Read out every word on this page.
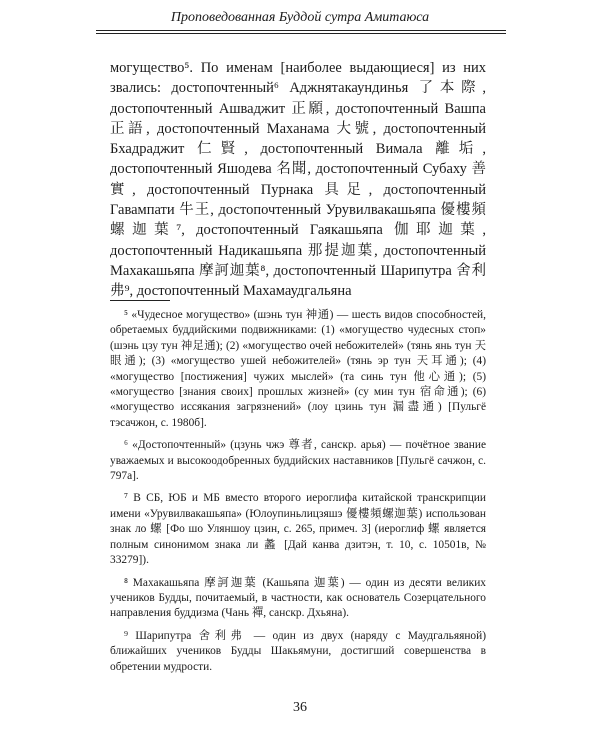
Проповедованная Буддой сутра Амитаюса

могущество⁵. По именам [наиболее выдающиеся] из них звались: достопочтенный⁶ Аджнятакаундинья 了本際, достопочтенный Ашваджит 正願, достопочтенный Вашпа 正語, достопочтенный Маханама 大號, достопочтенный Бхадраджит 仁賢, достопочтенный Вимала 離垢, достопочтенный Яшодева 名聞, достопочтенный Субаху 善實, достопочтенный Пурнака 具足, достопочтенный Гавампати 牛王, достопочтенный Урувилвакашьяпа 優樓頻螺迦葉⁷, достопочтенный Гаякашьяпа 伽耶迦葉, достопочтенный Надикашьяпа 那提迦葉, достопочтенный Махакашьяпа 摩訶迦葉⁸, достопочтенный Шарипутра 舍利弗⁹, достопочтенный Махамаудгальяна

⁵ «Чудесное могущество» (шэнь тун 神通) — шесть видов способностей, обретаемых буддийскими подвижниками: (1) «могущество чудесных стоп» (шэнь цзу тун 神足通); (2) «могущество очей небожителей» (тянь янь тун 天眼通); (3) «могущество ушей небожителей» (тянь эр тун 天耳通); (4) «могущество [постижения] чужих мыслей» (та синь тун 他心通); (5) «могущество [знания своих] прошлых жизней» (су мин тун 宿命通); (6) «могущество иссякания загрязнений» (лоу цзинь тун 漏盡通) [Пульгё тэсачжон, с. 1980б].

⁶ «Достопочтенный» (цзунь чжэ 尊者, санскр. арья) — почётное звание уважаемых и высокоодобренных буддийских наставников [Пульгё сачжон, с. 797а].

⁷ В СБ, ЮБ и МБ вместо второго иероглифа китайской транскрипции имени «Урувилвакашьяпа» (Юлоупиньлицзяшэ 優樓頻螺迦葉) использован знак ло 螺 [Фо шо Уляншоу цзин, с. 265, примеч. 3] (иероглиф 螺 является полным синонимом знака ли 蠡 [Дай канва дзитэн, т. 10, с. 10501в, № 33279]).

⁸ Махакашьяпа 摩訶迦葉 (Кашьяпа 迦葉) — один из десяти великих учеников Будды, почитаемый, в частности, как основатель Созерцательного направления буддизма (Чань 禪, санскр. Дхьяна).

⁹ Шарипутра 舍利弗 — один из двух (наряду с Маудгальяяной) ближайших учеников Будды Шакьямуни, достигший совершенства в обретении мудрости.

36
